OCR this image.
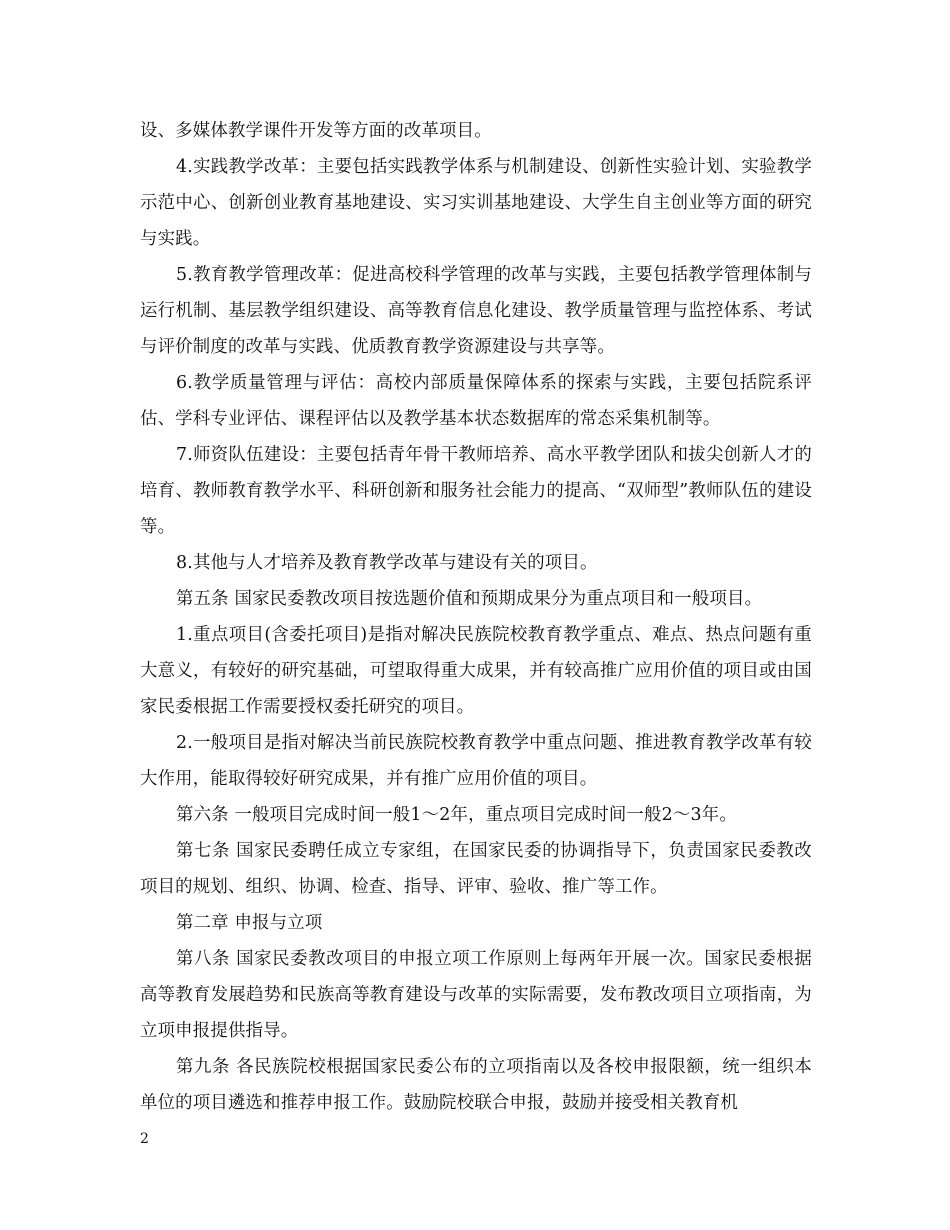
设、多媒体教学课件开发等方面的改革项目。

4.实践教学改革：主要包括实践教学体系与机制建设、创新性实验计划、实验教学示范中心、创新创业教育基地建设、实习实训基地建设、大学生自主创业等方面的研究与实践。

5.教育教学管理改革：促进高校科学管理的改革与实践，主要包括教学管理体制与运行机制、基层教学组织建设、高等教育信息化建设、教学质量管理与监控体系、考试与评价制度的改革与实践、优质教育教学资源建设与共享等。

6.教学质量管理与评估：高校内部质量保障体系的探索与实践，主要包括院系评估、学科专业评估、课程评估以及教学基本状态数据库的常态采集机制等。

7.师资队伍建设：主要包括青年骨干教师培养、高水平教学团队和拔尖创新人才的培育、教师教育教学水平、科研创新和服务社会能力的提高、“双师型”教师队伍的建设等。

8.其他与人才培养及教育教学改革与建设有关的项目。

第五条 国家民委教改项目按选题价值和预期成果分为重点项目和一般项目。

1.重点项目(含委托项目)是指对解决民族院校教育教学重点、难点、热点问题有重大意义，有较好的研究基础，可望取得重大成果，并有较高推广应用价值的项目或由国家民委根据工作需要授权委托研究的项目。

2.一般项目是指对解决当前民族院校教育教学中重点问题、推进教育教学改革有较大作用，能取得较好研究成果，并有推广应用价值的项目。

第六条 一般项目完成时间一般1～2年，重点项目完成时间一般2～3年。

第七条 国家民委聘任成立专家组，在国家民委的协调指导下，负责国家民委教改项目的规划、组织、协调、检查、指导、评审、验收、推广等工作。

第二章 申报与立项

第八条 国家民委教改项目的申报立项工作原则上每两年开展一次。国家民委根据高等教育发展趋势和民族高等教育建设与改革的实际需要，发布教改项目立项指南，为立项申报提供指导。

第九条 各民族院校根据国家民委公布的立项指南以及各校申报限额，统一组织本单位的项目遴选和推荐申报工作。鼓励院校联合申报，鼓励并接受相关教育机

2
